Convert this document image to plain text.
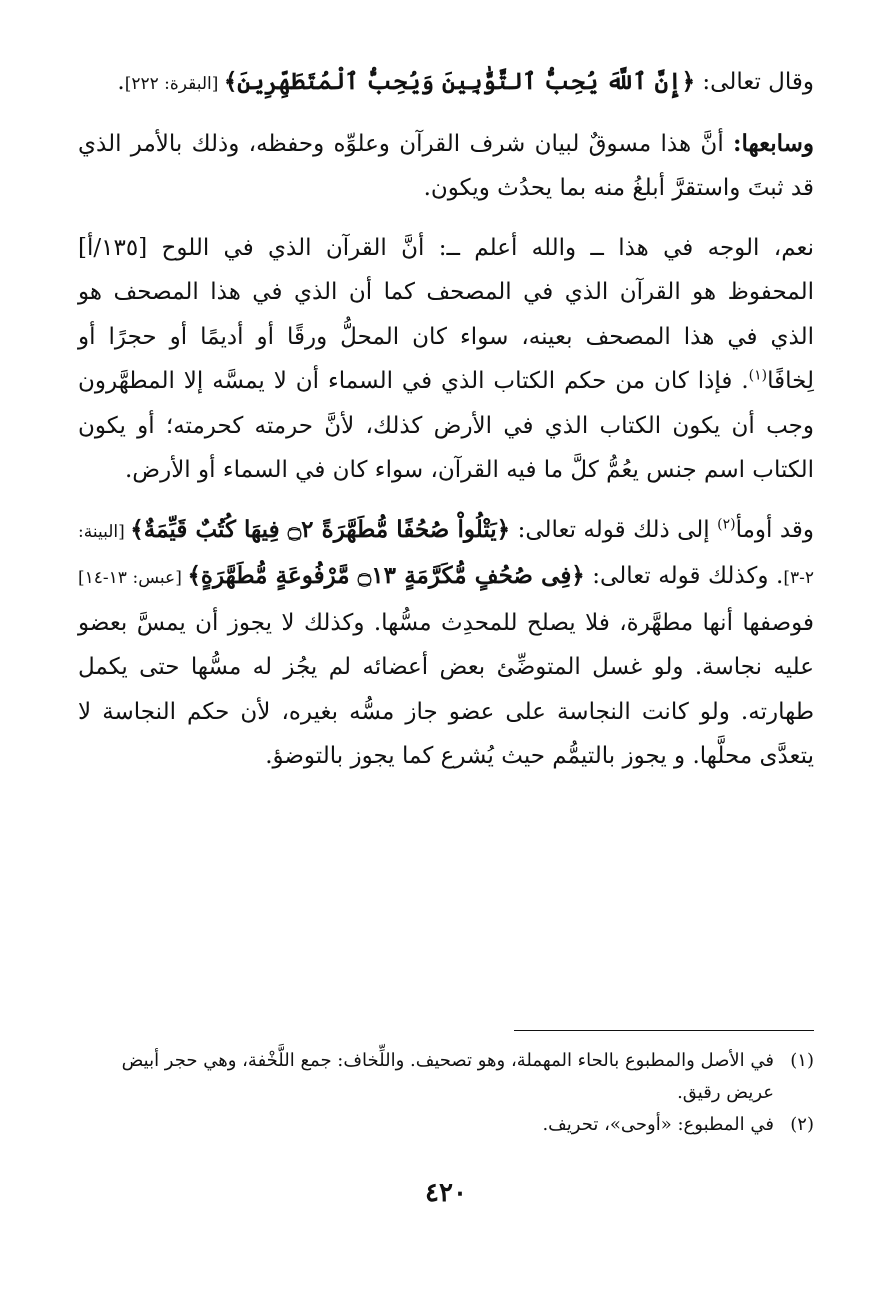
وقال تعالى: ﴿إِنَّ ٱللَّهَ يُحِبُّ ٱلتَّوَّٰبِينَ وَيُحِبُّ ٱلْمُتَطَهِّرِينَ﴾ [البقرة: ٢٢٢].

وسابعها: أنَّ هذا مسوقٌ لبيان شرف القرآن وعلوِّه وحفظه، وذلك بالأمر الذي قد ثبتَ واستقرَّ أبلغُ منه بما يحدُث ويكون.

نعم، الوجه في هذا ــ والله أعلم ــ: أنَّ القرآن الذي في اللوح [١٣٥/أ] المحفوظ هو القرآن الذي في المصحف كما أن الذي في هذا المصحف هو الذي في هذا المصحف بعينه، سواء كان المحلُّ ورقًا أو أديمًا أو حجرًا أو لِخافًا$^{(١)}$. فإذا كان من حكم الكتاب الذي في السماء أن لا يمسَّه إلا المطهَّرون وجب أن يكون الكتاب الذي في الأرض كذلك، لأنَّ حرمته كحرمته؛ أو يكون الكتاب اسم جنس يعُمُّ كلَّ ما فيه القرآن، سواء كان في السماء أو الأرض.

وقد أومأ$^{(٢)}$ إلى ذلك قوله تعالى: ﴿يَتْلُواْ صُحُفًا مُّطَهَّرَةً ۝٢ فِيهَا كُتُبٌ قَيِّمَةٌ﴾ [البينة: ٢-٣]. وكذلك قوله تعالى: ﴿فِى صُحُفٍ مُّكَرَّمَةٍ ۝١٣ مَّرْفُوعَةٍ مُّطَهَّرَةٍ﴾ [عبس: ١٣-١٤] فوصفها أنها مطهَّرة، فلا يصلح للمحدِث مسُّها. وكذلك لا يجوز أن يمسَّ بعضو عليه نجاسة. ولو غسل المتوضِّئ بعض أعضائه لم يجُز له مسُّها حتى يكمل طهارته. ولو كانت النجاسة على عضو جاز مسُّه بغيره، لأن حكم النجاسة لا يتعدَّى محلَّها. و يجوز بالتيمُّم حيث يُشرع كما يجوز بالتوضؤ.

(١)في الأصل والمطبوع بالحاء المهملة، وهو تصحيف. واللِّخاف: جمع اللَّخْفة، وهي حجر أبيض عريض رقيق.

(٢)في المطبوع: «أوحى»، تحريف.

٤٢٠
